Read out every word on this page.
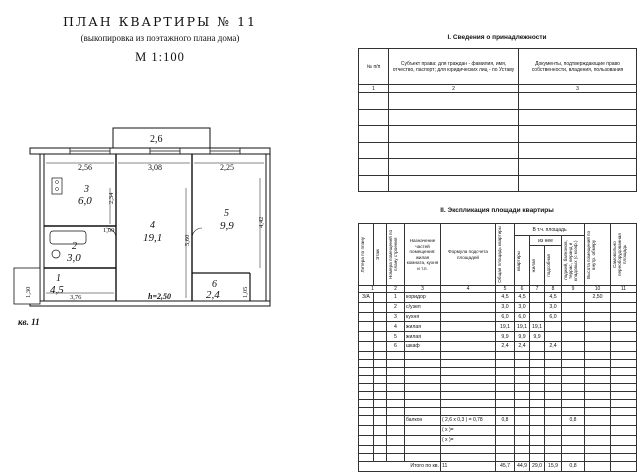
ПЛАН КВАРТИРЫ № 11
(выкопировка из поэтажного плана дома)
М 1:100
2,6
2,56	3,08	2,25
2,34
1,00
5,60
4,42
1,30	3,76	1,05
3
6,0
4
19,1
5
9,9
2
3,0
1
4,5	6
2,4
h=2,50
кв. 11
I. Сведения о принадлежности
№ п/п	Субъект права: для граждан - фамилия, имя, отчество, паспорт; для юридических лиц - по Уставу	Документы, подтверждающие право собственности, владения, пользования
1	2	3

II. Экспликация площади квартиры
Литера по плану	Этаж	Номера помещений по плану строения	Назначение частей помещения: жилая комната, кухня и т.п.	Формула подсчета площадей	Общая площадь квартиры	В т.ч. площадь				Высота помещений по внутр. обмеру	Самовольно переоборудованная площадь

						квартиры	из нее		лоджий, балконов, террас, веранд и кладовых (с коэф.)		

							жилая	подсобная			

1		2	3	4	5	6	7	8	9	10	11
3/А		1	коридор		4,5	4,5		4,5		2,50	
		2	с/узел		3,0	3,0		3,0			
		3	кухня		6,0	6,0		6,0			
		4	жилая		19,1	19,1	19,1				
		5	жилая		9,9	9,9	9,9				
		6	шкаф		2,4	2,4		2,4			

			балкон	( 2,6 х 0,3 ) = 0,78	0,8				0,8		
				( х )=							
				( х )=							

Итого по кв.				11	45,7	44,9	29,0	15,9	0,8		
